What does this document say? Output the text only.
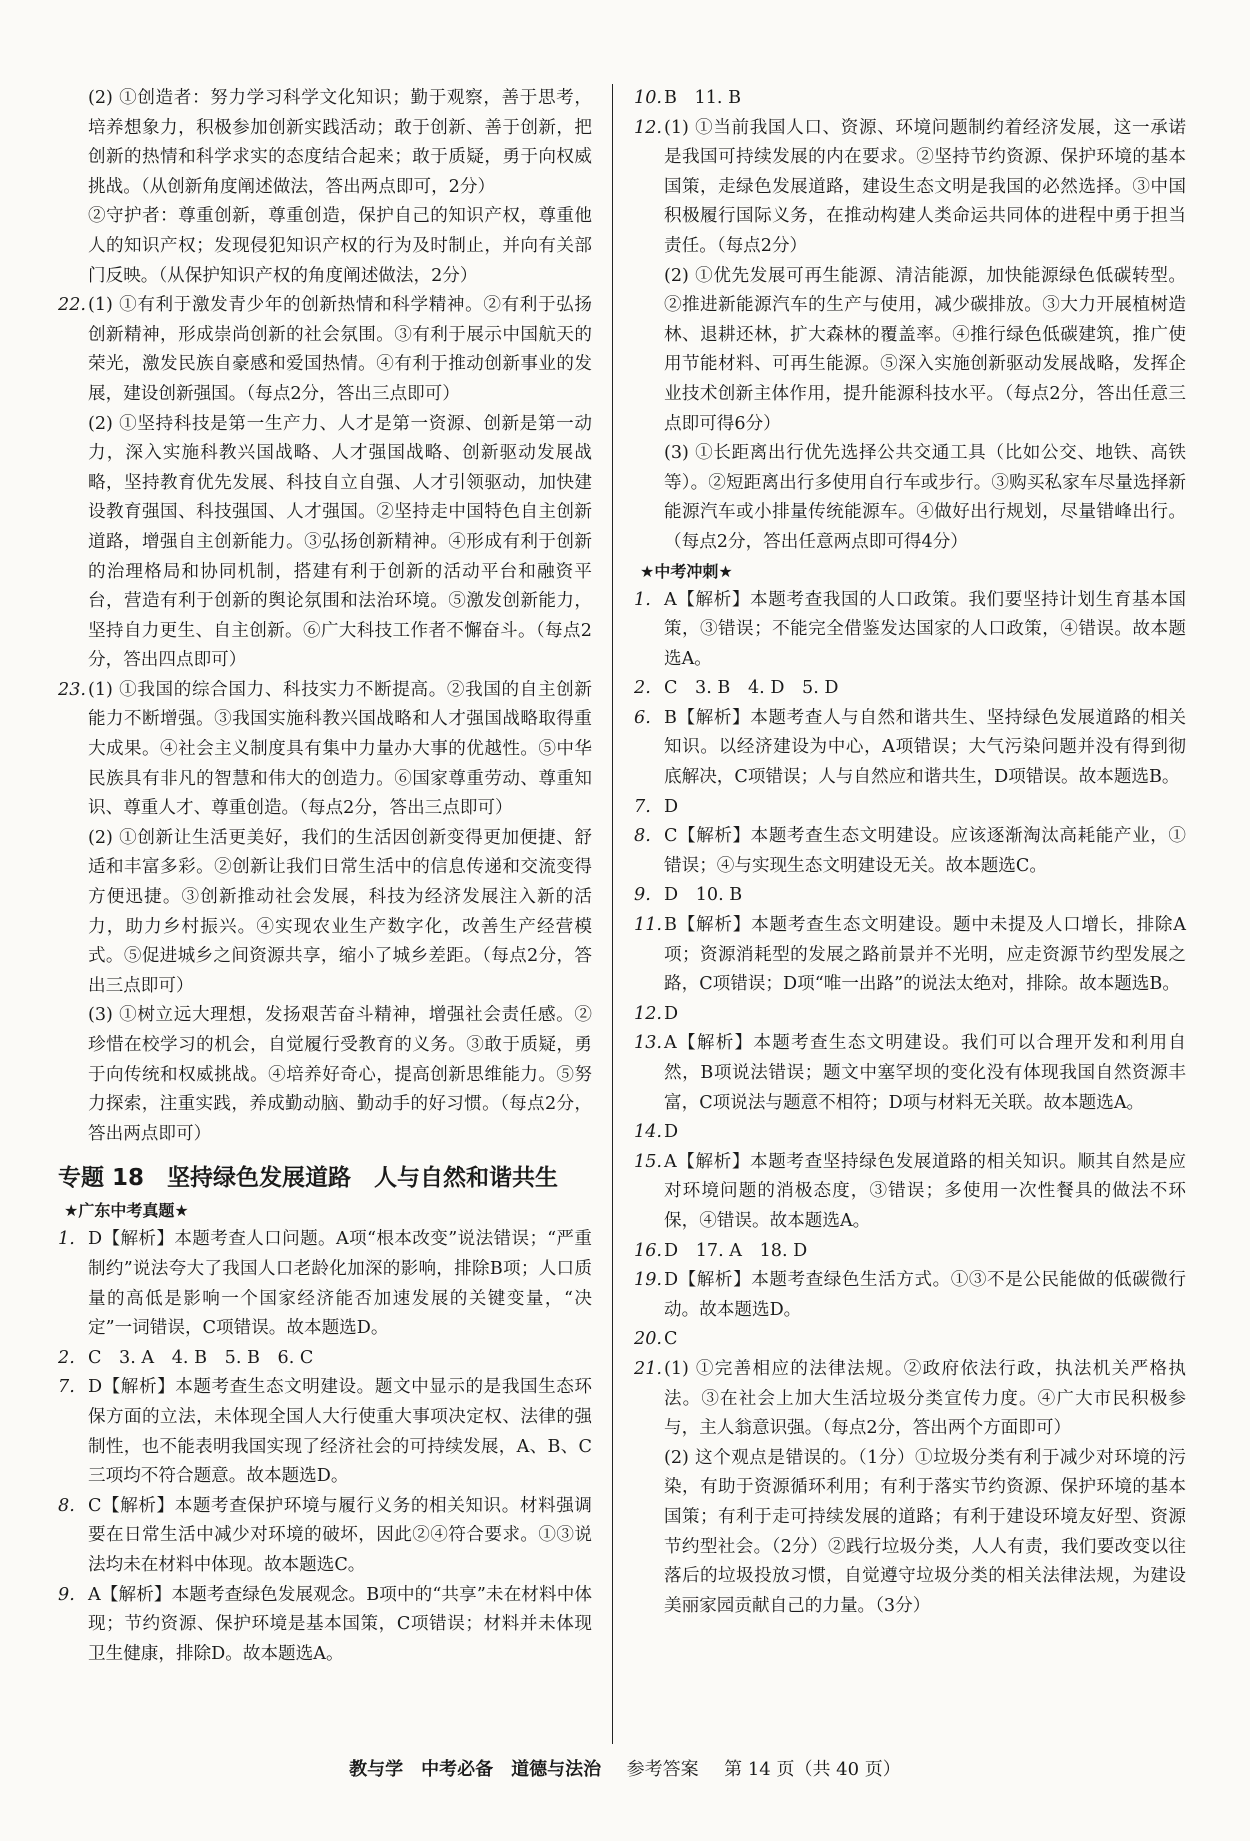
(2) ①创造者：努力学习科学文化知识；勤于观察，善于思考，培养想象力，积极参加创新实践活动；敢于创新、善于创新，把创新的热情和科学求实的态度结合起来；敢于质疑，勇于向权威挑战。（从创新角度阐述做法，答出两点即可，2分）
②守护者：尊重创新，尊重创造，保护自己的知识产权，尊重他人的知识产权；发现侵犯知识产权的行为及时制止，并向有关部门反映。（从保护知识产权的角度阐述做法，2分）
22. (1) ①有利于激发青少年的创新热情和科学精神。②有利于弘扬创新精神，形成崇尚创新的社会氛围。③有利于展示中国航天的荣光，激发民族自豪感和爱国热情。④有利于推动创新事业的发展，建设创新强国。（每点2分，答出三点即可）
(2) ①坚持科技是第一生产力、人才是第一资源、创新是第一动力，深入实施科教兴国战略、人才强国战略、创新驱动发展战略，坚持教育优先发展、科技自立自强、人才引领驱动，加快建设教育强国、科技强国、人才强国。②坚持走中国特色自主创新道路，增强自主创新能力。③弘扬创新精神。④形成有利于创新的治理格局和协同机制，搭建有利于创新的活动平台和融资平台，营造有利于创新的舆论氛围和法治环境。⑤激发创新能力，坚持自力更生、自主创新。⑥广大科技工作者不懈奋斗。（每点2分，答出四点即可）
23. (1) ①我国的综合国力、科技实力不断提高。②我国的自主创新能力不断增强。③我国实施科教兴国战略和人才强国战略取得重大成果。④社会主义制度具有集中力量办大事的优越性。⑤中华民族具有非凡的智慧和伟大的创造力。⑥国家尊重劳动、尊重知识、尊重人才、尊重创造。（每点2分，答出三点即可）
(2) ①创新让生活更美好，我们的生活因创新变得更加便捷、舒适和丰富多彩。②创新让我们日常生活中的信息传递和交流变得方便迅捷。③创新推动社会发展，科技为经济发展注入新的活力，助力乡村振兴。④实现农业生产数字化，改善生产经营模式。⑤促进城乡之间资源共享，缩小了城乡差距。（每点2分，答出三点即可）
(3) ①树立远大理想，发扬艰苦奋斗精神，增强社会责任感。②珍惜在校学习的机会，自觉履行受教育的义务。③敢于质疑，勇于向传统和权威挑战。④培养好奇心，提高创新思维能力。⑤努力探索，注重实践，养成勤动脑、勤动手的好习惯。（每点2分，答出两点即可）
专题 18　坚持绿色发展道路　人与自然和谐共生
★广东中考真题★
1. D【解析】本题考查人口问题。A项“根本改变”说法错误；“严重制约”说法夸大了我国人口老龄化加深的影响，排除B项；人口质量的高低是影响一个国家经济能否加速发展的关键变量，“决定”一词错误，C项错误。故本题选D。
2. C　3. A　4. B　5. B　6. C
7. D【解析】本题考查生态文明建设。题文中显示的是我国生态环保方面的立法，未体现全国人大行使重大事项决定权、法律的强制性，也不能表明我国实现了经济社会的可持续发展，A、B、C三项均不符合题意。故本题选D。
8. C【解析】本题考查保护环境与履行义务的相关知识。材料强调要在日常生活中减少对环境的破坏，因此②④符合要求。①③说法均未在材料中体现。故本题选C。
9. A【解析】本题考查绿色发展观念。B项中的“共享”未在材料中体现；节约资源、保护环境是基本国策，C项错误；材料并未体现卫生健康，排除D。故本题选A。
10. B　11. B
12. (1) ①当前我国人口、资源、环境问题制约着经济发展，这一承诺是我国可持续发展的内在要求。②坚持节约资源、保护环境的基本国策，走绿色发展道路，建设生态文明是我国的必然选择。③中国积极履行国际义务，在推动构建人类命运共同体的进程中勇于担当责任。（每点2分）
(2) ①优先发展可再生能源、清洁能源，加快能源绿色低碳转型。②推进新能源汽车的生产与使用，减少碳排放。③大力开展植树造林、退耕还林，扩大森林的覆盖率。④推行绿色低碳建筑，推广使用节能材料、可再生能源。⑤深入实施创新驱动发展战略，发挥企业技术创新主体作用，提升能源科技水平。（每点2分，答出任意三点即可得6分）
(3) ①长距离出行优先选择公共交通工具（比如公交、地铁、高铁等）。②短距离出行多使用自行车或步行。③购买私家车尽量选择新能源汽车或小排量传统能源车。④做好出行规划，尽量错峰出行。（每点2分，答出任意两点即可得4分）
★中考冲刺★
1. A【解析】本题考查我国的人口政策。我们要坚持计划生育基本国策，③错误；不能完全借鉴发达国家的人口政策，④错误。故本题选A。
2. C　3. B　4. D　5. D
6. B【解析】本题考查人与自然和谐共生、坚持绿色发展道路的相关知识。以经济建设为中心，A项错误；大气污染问题并没有得到彻底解决，C项错误；人与自然应和谐共生，D项错误。故本题选B。
7. D
8. C【解析】本题考查生态文明建设。应该逐渐淘汰高耗能产业，①错误；④与实现生态文明建设无关。故本题选C。
9. D　10. B
11. B【解析】本题考查生态文明建设。题中未提及人口增长，排除A项；资源消耗型的发展之路前景并不光明，应走资源节约型发展之路，C项错误；D项“唯一出路”的说法太绝对，排除。故本题选B。
12. D
13. A【解析】本题考查生态文明建设。我们可以合理开发和利用自然，B项说法错误；题文中塞罕坝的变化没有体现我国自然资源丰富，C项说法与题意不相符；D项与材料无关联。故本题选A。
14. D
15. A【解析】本题考查坚持绿色发展道路的相关知识。顺其自然是应对环境问题的消极态度，③错误；多使用一次性餐具的做法不环保，④错误。故本题选A。
16. D　17. A　18. D
19. D【解析】本题考查绿色生活方式。①③不是公民能做的低碳微行动。故本题选D。
20. C
21. (1) ①完善相应的法律法规。②政府依法行政，执法机关严格执法。③在社会上加大生活垃圾分类宣传力度。④广大市民积极参与，主人翁意识强。（每点2分，答出两个方面即可）
(2) 这个观点是错误的。（1分）①垃圾分类有利于减少对环境的污染，有助于资源循环利用；有利于落实节约资源、保护环境的基本国策；有利于走可持续发展的道路；有利于建设环境友好型、资源节约型社会。（2分）②践行垃圾分类，人人有责，我们要改变以往落后的垃圾投放习惯，自觉遵守垃圾分类的相关法律法规，为建设美丽家园贡献自己的力量。（3分）
教与学　中考必备　道德与法治 参考答案 第 14 页（共 40 页）
